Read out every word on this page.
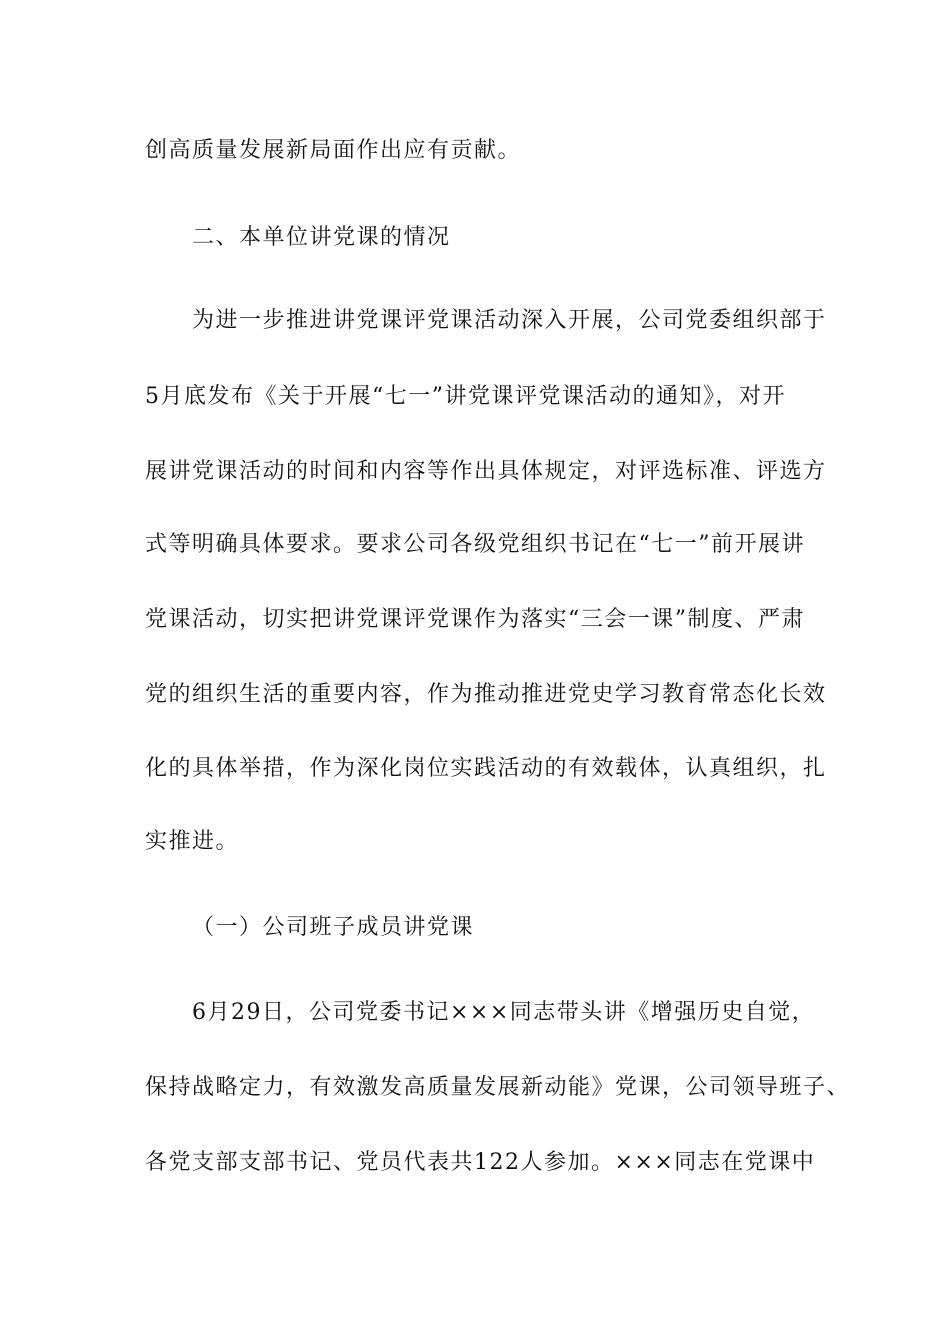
创高质量发展新局面作出应有贡献。
二、本单位讲党课的情况
为进一步推进讲党课评党课活动深入开展，公司党委组织部于
5月底发布《关于开展“七一”讲党课评党课活动的通知》，对开
展讲党课活动的时间和内容等作出具体规定，对评选标准、评选方
式等明确具体要求。要求公司各级党组织书记在“七一”前开展讲
党课活动，切实把讲党课评党课作为落实“三会一课”制度、严肃
党的组织生活的重要内容，作为推动推进党史学习教育常态化长效
化的具体举措，作为深化岗位实践活动的有效载体，认真组织，扎
实推进。
（一）公司班子成员讲党课
6月29日，公司党委书记×××同志带头讲《增强历史自觉，
保持战略定力，有效激发高质量发展新动能》党课，公司领导班子、
各党支部支部书记、党员代表共122人参加。×××同志在党课中
